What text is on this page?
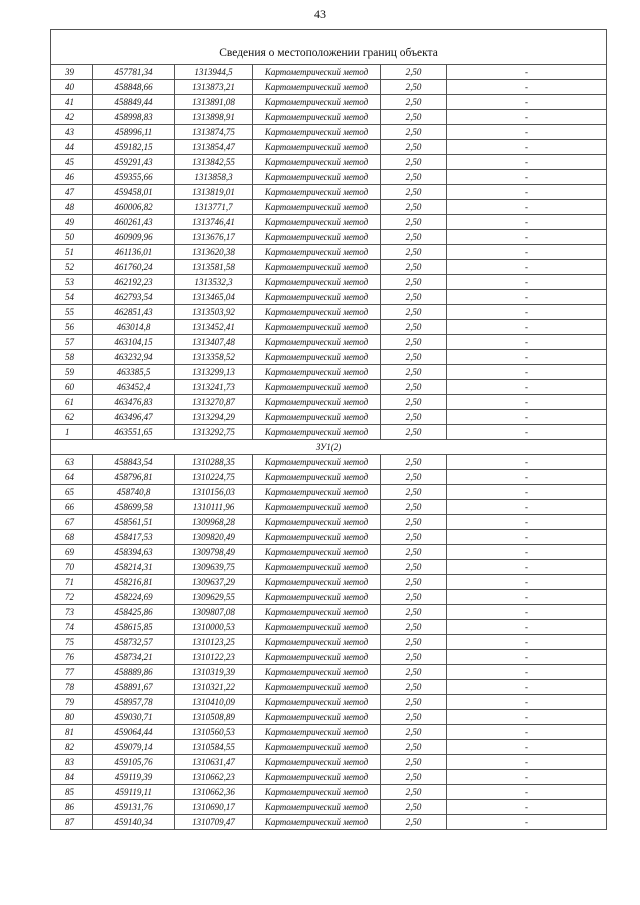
43
Сведения о местоположении границ объекта					

39	457781,34	1313944,5	Картометрический метод	2,50	-
40	458848,66	1313873,21	Картометрический метод	2,50	-
41	458849,44	1313891,08	Картометрический метод	2,50	-
42	458998,83	1313898,91	Картометрический метод	2,50	-
43	458996,11	1313874,75	Картометрический метод	2,50	-
44	459182,15	1313854,47	Картометрический метод	2,50	-
45	459291,43	1313842,55	Картометрический метод	2,50	-
46	459355,66	1313858,3	Картометрический метод	2,50	-
47	459458,01	1313819,01	Картометрический метод	2,50	-
48	460006,82	1313771,7	Картометрический метод	2,50	-
49	460261,43	1313746,41	Картометрический метод	2,50	-
50	460909,96	1313676,17	Картометрический метод	2,50	-
51	461136,01	1313620,38	Картометрический метод	2,50	-
52	461760,24	1313581,58	Картометрический метод	2,50	-
53	462192,23	1313532,3	Картометрический метод	2,50	-
54	462793,54	1313465,04	Картометрический метод	2,50	-
55	462851,43	1313503,92	Картометрический метод	2,50	-
56	463014,8	1313452,41	Картометрический метод	2,50	-
57	463104,15	1313407,48	Картометрический метод	2,50	-
58	463232,94	1313358,52	Картометрический метод	2,50	-
59	463385,5	1313299,13	Картометрический метод	2,50	-
60	463452,4	1313241,73	Картометрический метод	2,50	-
61	463476,83	1313270,87	Картометрический метод	2,50	-
62	463496,47	1313294,29	Картометрический метод	2,50	-
1	463551,65	1313292,75	Картометрический метод	2,50	-
ЗУ1(2)					
63	458843,54	1310288,35	Картометрический метод	2,50	-
64	458796,81	1310224,75	Картометрический метод	2,50	-
65	458740,8	1310156,03	Картометрический метод	2,50	-
66	458699,58	1310111,96	Картометрический метод	2,50	-
67	458561,51	1309968,28	Картометрический метод	2,50	-
68	458417,53	1309820,49	Картометрический метод	2,50	-
69	458394,63	1309798,49	Картометрический метод	2,50	-
70	458214,31	1309639,75	Картометрический метод	2,50	-
71	458216,81	1309637,29	Картометрический метод	2,50	-
72	458224,69	1309629,55	Картометрический метод	2,50	-
73	458425,86	1309807,08	Картометрический метод	2,50	-
74	458615,85	1310000,53	Картометрический метод	2,50	-
75	458732,57	1310123,25	Картометрический метод	2,50	-
76	458734,21	1310122,23	Картометрический метод	2,50	-
77	458889,86	1310319,39	Картометрический метод	2,50	-
78	458891,67	1310321,22	Картометрический метод	2,50	-
79	458957,78	1310410,09	Картометрический метод	2,50	-
80	459030,71	1310508,89	Картометрический метод	2,50	-
81	459064,44	1310560,53	Картометрический метод	2,50	-
82	459079,14	1310584,55	Картометрический метод	2,50	-
83	459105,76	1310631,47	Картометрический метод	2,50	-
84	459119,39	1310662,23	Картометрический метод	2,50	-
85	459119,11	1310662,36	Картометрический метод	2,50	-
86	459131,76	1310690,17	Картометрический метод	2,50	-
87	459140,34	1310709,47	Картометрический метод	2,50	-
